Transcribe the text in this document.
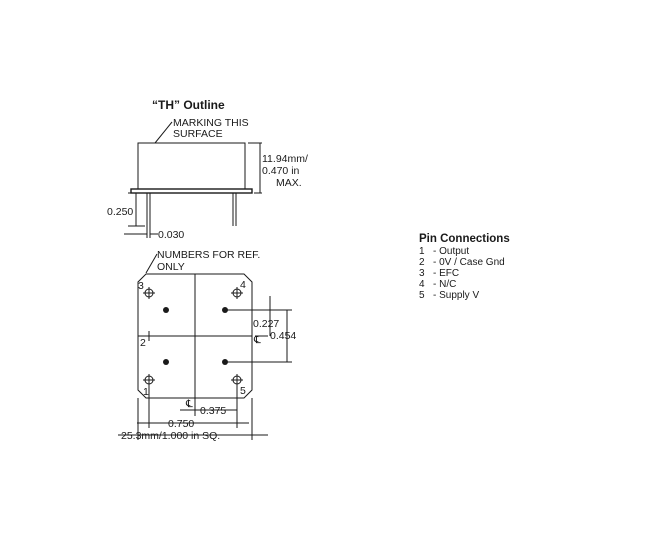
“TH” Outline
MARKING THIS
SURFACE
11.94mm/
0.470 in
MAX.
0.250
0.030
NUMBERS FOR REF.
ONLY
3	4
2
1	5
0.227
0.454
℄
℄
0.375
0.750
25.3mm/1.000 in SQ.
Pin Connections
1 - Output
2 - 0V / Case Gnd
3 - EFC
4 - N/C
5 - Supply V
